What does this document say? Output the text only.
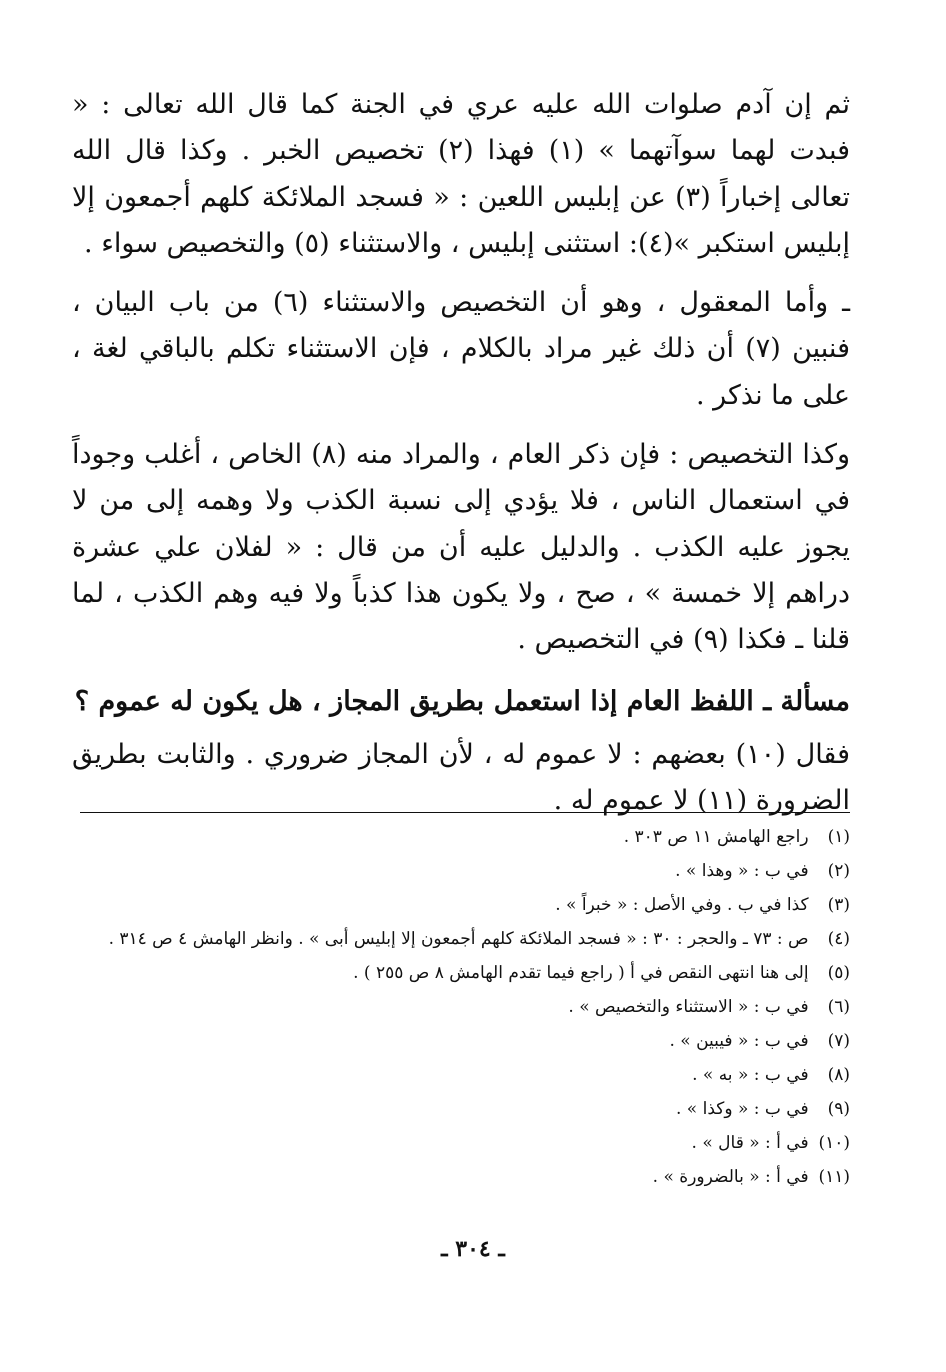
ثم إن آدم صلوات الله عليه عري في الجنة كما قال الله تعالى : « فبدت لهما سوآتهما » (١) فهذا (٢) تخصيص الخبر . وكذا قال الله تعالى إخباراً (٣) عن إبليس اللعين : « فسجد الملائكة كلهم أجمعون إلا إبليس استكبر »(٤): استثنى إبليس ، والاستثناء (٥) والتخصيص سواء .

ـ وأما المعقول ، وهو أن التخصيص والاستثناء (٦) من باب البيان ، فنبين (٧) أن ذلك غير مراد بالكلام ، فإن الاستثناء تكلم بالباقي لغة ، على ما نذكر .

وكذا التخصيص : فإن ذكر العام ، والمراد منه (٨) الخاص ، أغلب وجوداً في استعمال الناس ، فلا يؤدي إلى نسبة الكذب ولا وهمه إلى من لا يجوز عليه الكذب . والدليل عليه أن من قال : « لفلان علي عشرة دراهم إلا خمسة » ، صح ، ولا يكون هذا كذباً ولا فيه وهم الكذب ، لما قلنا ـ فكذا (٩) في التخصيص .

مسألة ـ اللفظ العام إذا استعمل بطريق المجاز ، هل يكون له عموم ؟

فقال (١٠) بعضهم : لا عموم له ، لأن المجاز ضروري . والثابت بطريق الضرورة (١١) لا عموم له .

(١) راجع الهامش ١١ ص ٣٠٣ .
(٢) في ب : « وهذا » .
(٣) كذا في ب . وفي الأصل : « خبراً » .
(٤) ص : ٧٣ ـ والحجر : ٣٠ : « فسجد الملائكة كلهم أجمعون إلا إبليس أبى » . وانظر الهامش ٤ ص ٣١٤ .
(٥) إلى هنا انتهى النقص في أ ( راجع فيما تقدم الهامش ٨ ص ٢٥٥ ) .
(٦) في ب : « الاستثناء والتخصيص » .
(٧) في ب : « فيبين » .
(٨) في ب : « به » .
(٩) في ب : « وكذا » .
(١٠) في أ : « قال » .
(١١) في أ : « بالضرورة » .
ـ ٣٠٤ ـ
